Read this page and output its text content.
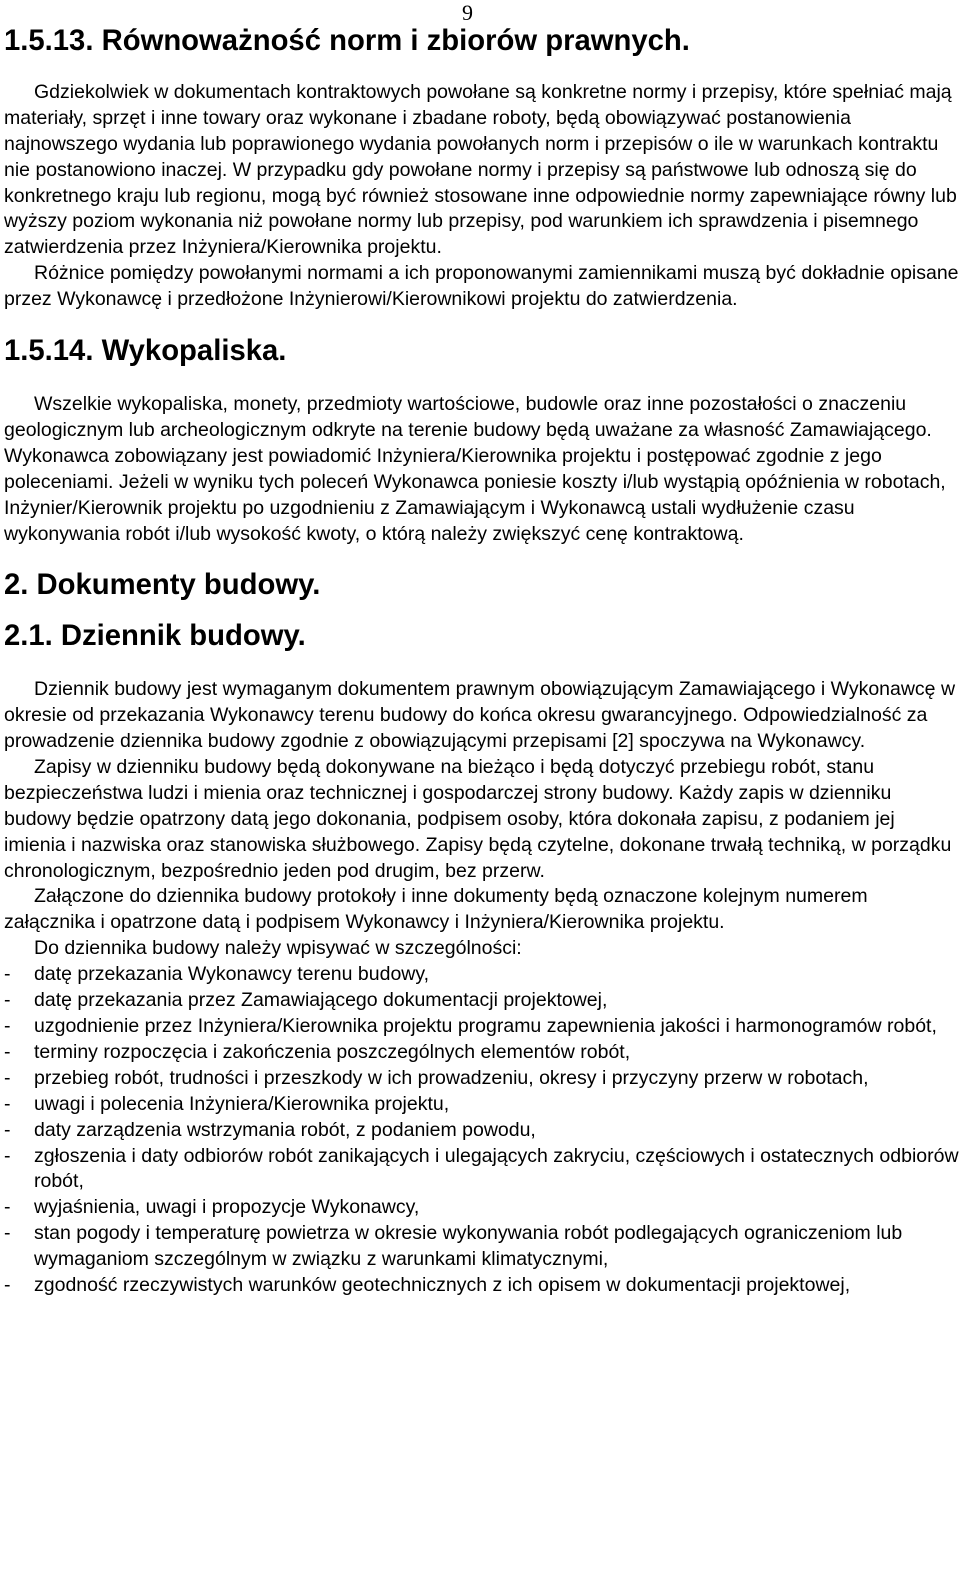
9
1.5.13. Równoważność norm i zbiorów prawnych.

Gdziekolwiek w dokumentach kontraktowych powołane są konkretne normy i przepisy, które spełniać mają materiały, sprzęt i inne towary oraz wykonane i zbadane roboty, będą obowiązywać postanowienia najnowszego wydania lub poprawionego wydania powołanych norm i przepisów o ile w warunkach kontraktu nie postanowiono inaczej. W przypadku gdy powołane normy i przepisy są państwowe lub odnoszą się do konkretnego kraju lub regionu, mogą być również stosowane inne odpowiednie normy zapewniające równy lub wyższy poziom wykonania niż powołane normy lub przepisy, pod warunkiem ich sprawdzenia i pisemnego zatwierdzenia przez Inżyniera/Kierownika projektu.

Różnice pomiędzy powołanymi normami a ich proponowanymi zamiennikami muszą być dokładnie opisane przez Wykonawcę i przedłożone Inżynierowi/Kierownikowi projektu do zatwierdzenia.

1.5.14. Wykopaliska.

Wszelkie wykopaliska, monety, przedmioty wartościowe, budowle oraz inne pozostałości o znaczeniu geologicznym lub archeologicznym odkryte na terenie budowy będą uważane za własność Zamawiającego.

Wykonawca zobowiązany jest powiadomić Inżyniera/Kierownika projektu i postępować zgodnie z jego poleceniami. Jeżeli w wyniku tych poleceń Wykonawca poniesie koszty i/lub wystąpią opóźnienia w robotach, Inżynier/Kierownik projektu po uzgodnieniu z Zamawiającym i Wykonawcą ustali wydłużenie czasu wykonywania robót i/lub wysokość kwoty, o którą należy zwiększyć cenę kontraktową.

2. Dokumenty budowy.
2.1. Dziennik budowy.

Dziennik budowy jest wymaganym dokumentem prawnym obowiązującym Zamawiającego i Wykonawcę w okresie od przekazania Wykonawcy terenu budowy do końca okresu gwarancyjnego. Odpowiedzialność za prowadzenie dziennika budowy zgodnie z obowiązującymi przepisami [2] spoczywa na Wykonawcy.

Zapisy w dzienniku budowy będą dokonywane na bieżąco i będą dotyczyć przebiegu robót, stanu bezpieczeństwa ludzi i mienia oraz technicznej i gospodarczej strony budowy. Każdy zapis w dzienniku budowy będzie opatrzony datą jego dokonania, podpisem osoby, która dokonała zapisu, z podaniem jej imienia i nazwiska oraz stanowiska służbowego. Zapisy będą czytelne, dokonane trwałą techniką, w porządku chronologicznym, bezpośrednio jeden pod drugim, bez przerw.

Załączone do dziennika budowy protokoły i inne dokumenty będą oznaczone kolejnym numerem załącznika i opatrzone datą i podpisem Wykonawcy i Inżyniera/Kierownika projektu.

Do dziennika budowy należy wpisywać w szczególności:

- datę przekazania Wykonawcy terenu budowy,
- datę przekazania przez Zamawiającego dokumentacji projektowej,
- uzgodnienie przez Inżyniera/Kierownika projektu programu zapewnienia jakości i harmonogramów robót,
- terminy rozpoczęcia i zakończenia poszczególnych elementów robót,
- przebieg robót, trudności i przeszkody w ich prowadzeniu, okresy i przyczyny przerw w robotach,
- uwagi i polecenia Inżyniera/Kierownika projektu,
- daty zarządzenia wstrzymania robót, z podaniem powodu,
- zgłoszenia i daty odbiorów robót zanikających i ulegających zakryciu, częściowych i ostatecznych odbiorów robót,
- wyjaśnienia, uwagi i propozycje Wykonawcy,
- stan pogody i temperaturę powietrza w okresie wykonywania robót podlegających ograniczeniom lub wymaganiom szczególnym w związku z warunkami klimatycznymi,
- zgodność rzeczywistych warunków geotechnicznych z ich opisem w dokumentacji projektowej,
